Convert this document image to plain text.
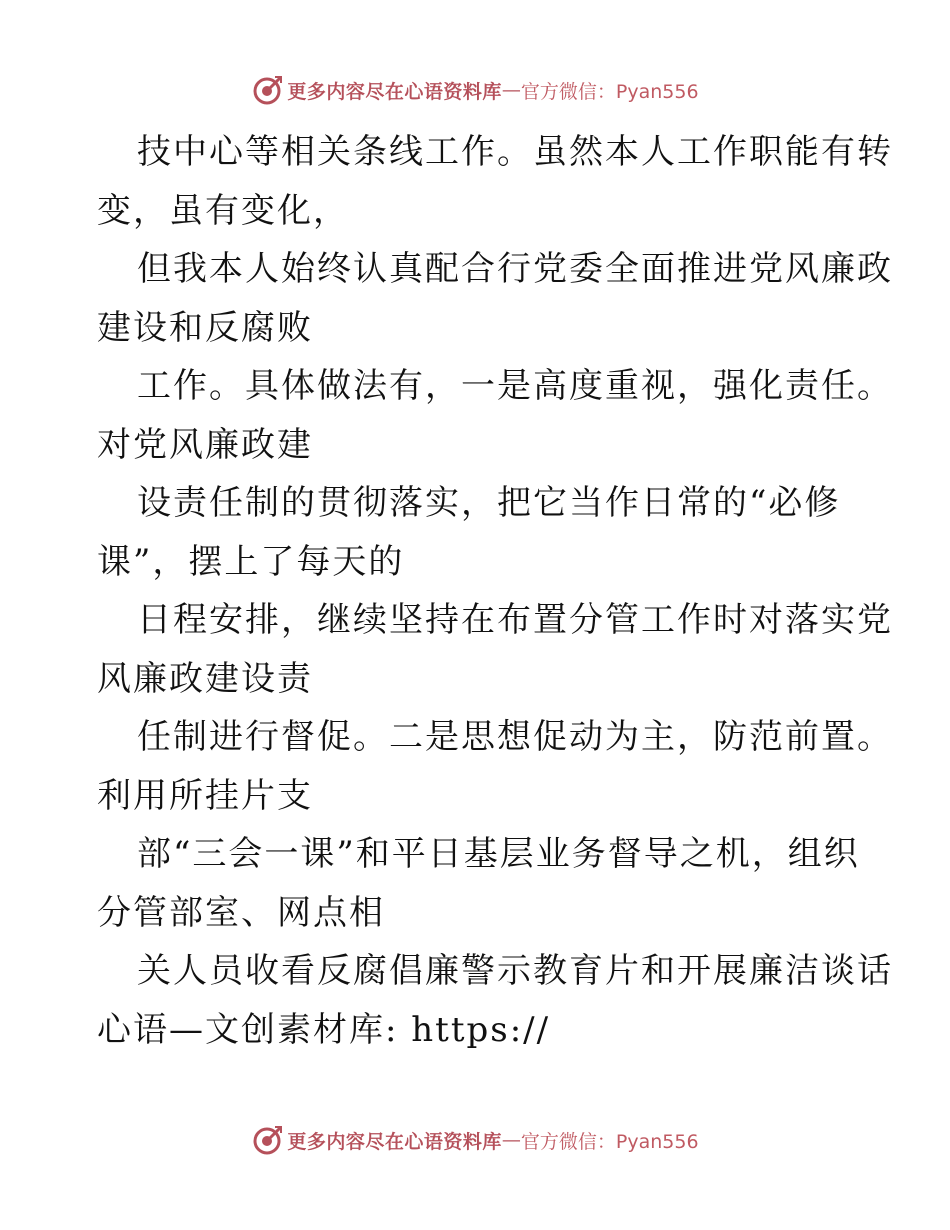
更多内容尽在心语资料库 — 官方微信：Pyan556
技中心等相关条线工作。虽然本人工作职能有转
变，虽有变化，
但我本人始终认真配合行党委全面推进党风廉政
建设和反腐败
工作。具体做法有，一是高度重视，强化责任。
对党风廉政建
设责任制的贯彻落实，把它当作日常的“必修
课”，摆上了每天的
日程安排，继续坚持在布置分管工作时对落实党
风廉政建设责
任制进行督促。二是思想促动为主，防范前置。
利用所挂片支
部“三会一课”和平日基层业务督导之机，组织
分管部室、网点相
关人员收看反腐倡廉警示教育片和开展廉洁谈话
心语—文创素材库: https://
更多内容尽在心语资料库 — 官方微信：Pyan556
